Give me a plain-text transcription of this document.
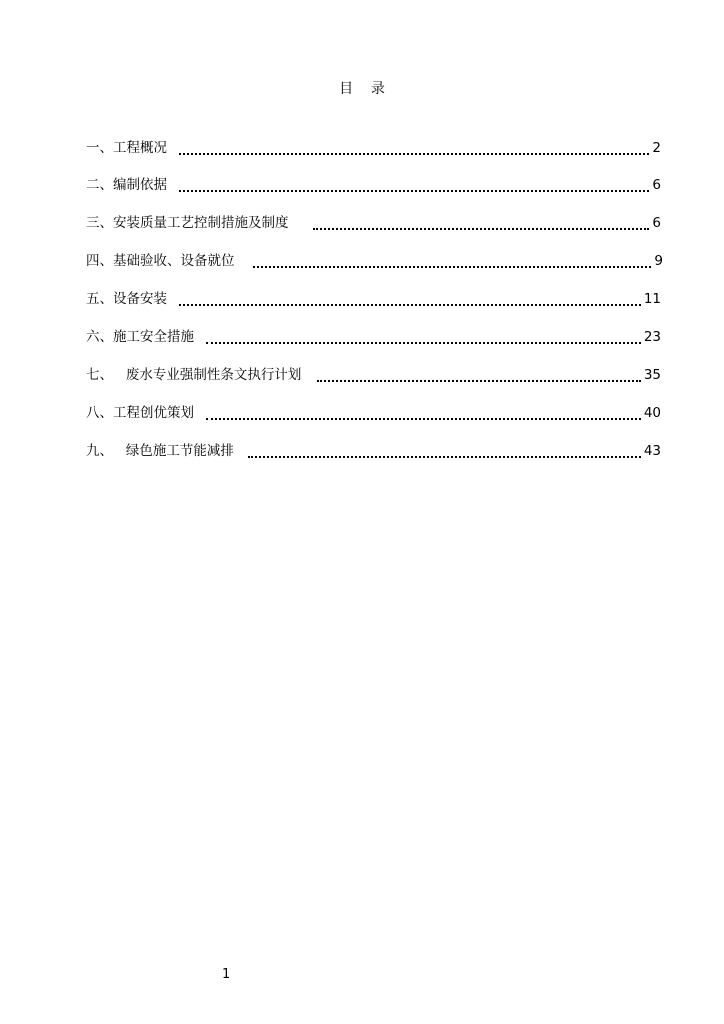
目    录
一、工程概况	2
二、编制依据	6
三、安装质量工艺控制措施及制度	6
四、基础验收、设备就位	9
五、设备安装	11
六、施工安全措施	23
七、   废水专业强制性条文执行计划	35
八、工程创优策划	40
九、   绿色施工节能减排	43
1
